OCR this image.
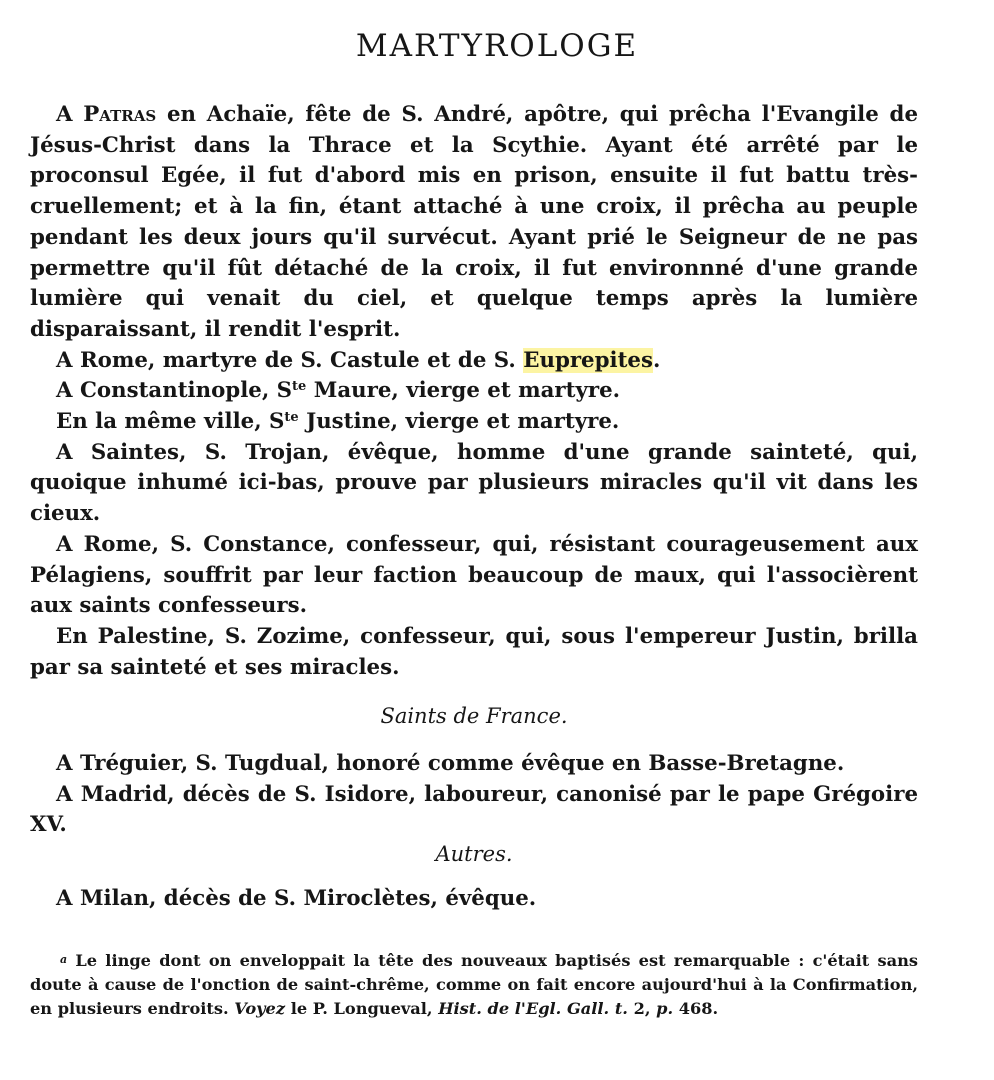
MARTYROLOGE

A Patras en Achaïe, fête de S. André, apôtre, qui prêcha l'Evangile de Jésus-Christ dans la Thrace et la Scythie. Ayant été arrêté par le proconsul Egée, il fut d'abord mis en prison, ensuite il fut battu très-cruellement; et à la fin, étant attaché à une croix, il prêcha au peuple pendant les deux jours qu'il survécut. Ayant prié le Seigneur de ne pas permettre qu'il fût détaché de la croix, il fut environnné d'une grande lumière qui venait du ciel, et quelque temps après la lumière disparaissant, il rendit l'esprit.

A Rome, martyre de S. Castule et de S. Euprepites.

A Constantinople, $S^{te}$ Maure, vierge et martyre.

En la même ville, $S^{te}$ Justine, vierge et martyre.

A Saintes, S. Trojan, évêque, homme d'une grande sainteté, qui, quoique inhumé ici-bas, prouve par plusieurs miracles qu'il vit dans les cieux.

A Rome, S. Constance, confesseur, qui, résistant courageusement aux Pélagiens, souffrit par leur faction beaucoup de maux, qui l'associèrent aux saints confesseurs.

En Palestine, S. Zozime, confesseur, qui, sous l'empereur Justin, brilla par sa sainteté et ses miracles.

Saints de France.

A Tréguier, S. Tugdual, honoré comme évêque en Basse-Bretagne.

A Madrid, décès de S. Isidore, laboureur, canonisé par le pape Grégoire XV.

Autres.

A Milan, décès de S. Miroclètes, évêque.

a Le linge dont on enveloppait la tête des nouveaux baptisés est remarquable : c'était sans doute à cause de l'onction de saint-chrême, comme on fait encore aujourd'hui à la Confirmation, en plusieurs endroits. Voyez le P. Longueval, Hist. de l'Egl. Gall. t. 2, p. 468.
